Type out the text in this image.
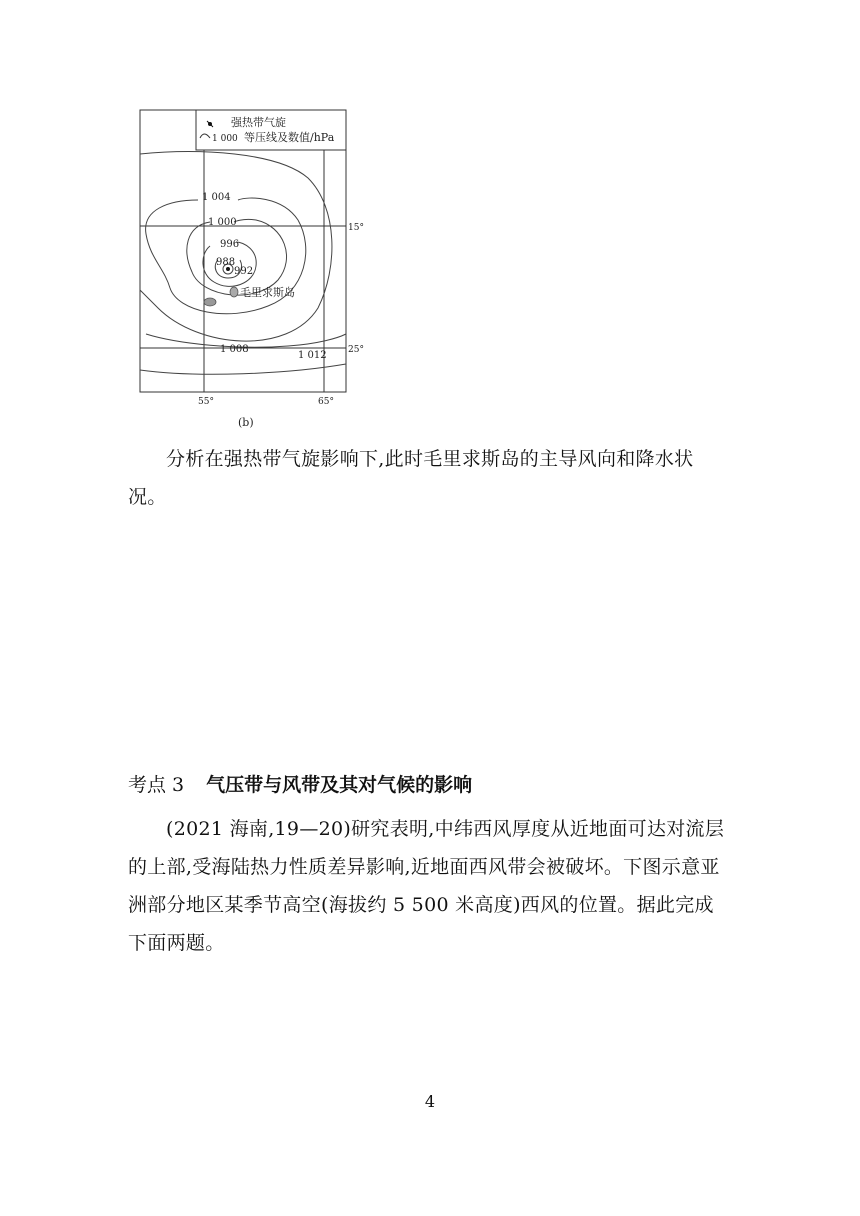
强热带气旋
1 000 等压线及数值/hPa
1 004
1 000
996
988
992
毛里求斯岛
1 008
1 012
15°
25°
55°	65°
(b)

分析在强热带气旋影响下,此时毛里求斯岛的主导风向和降水状况。

考点 3 气压带与风带及其对气候的影响

(2021 海南,19—20)研究表明,中纬西风厚度从近地面可达对流层的上部,受海陆热力性质差异影响,近地面西风带会被破坏。下图示意亚洲部分地区某季节高空(海拔约 5 500 米高度)西风的位置。据此完成下面两题。

4
